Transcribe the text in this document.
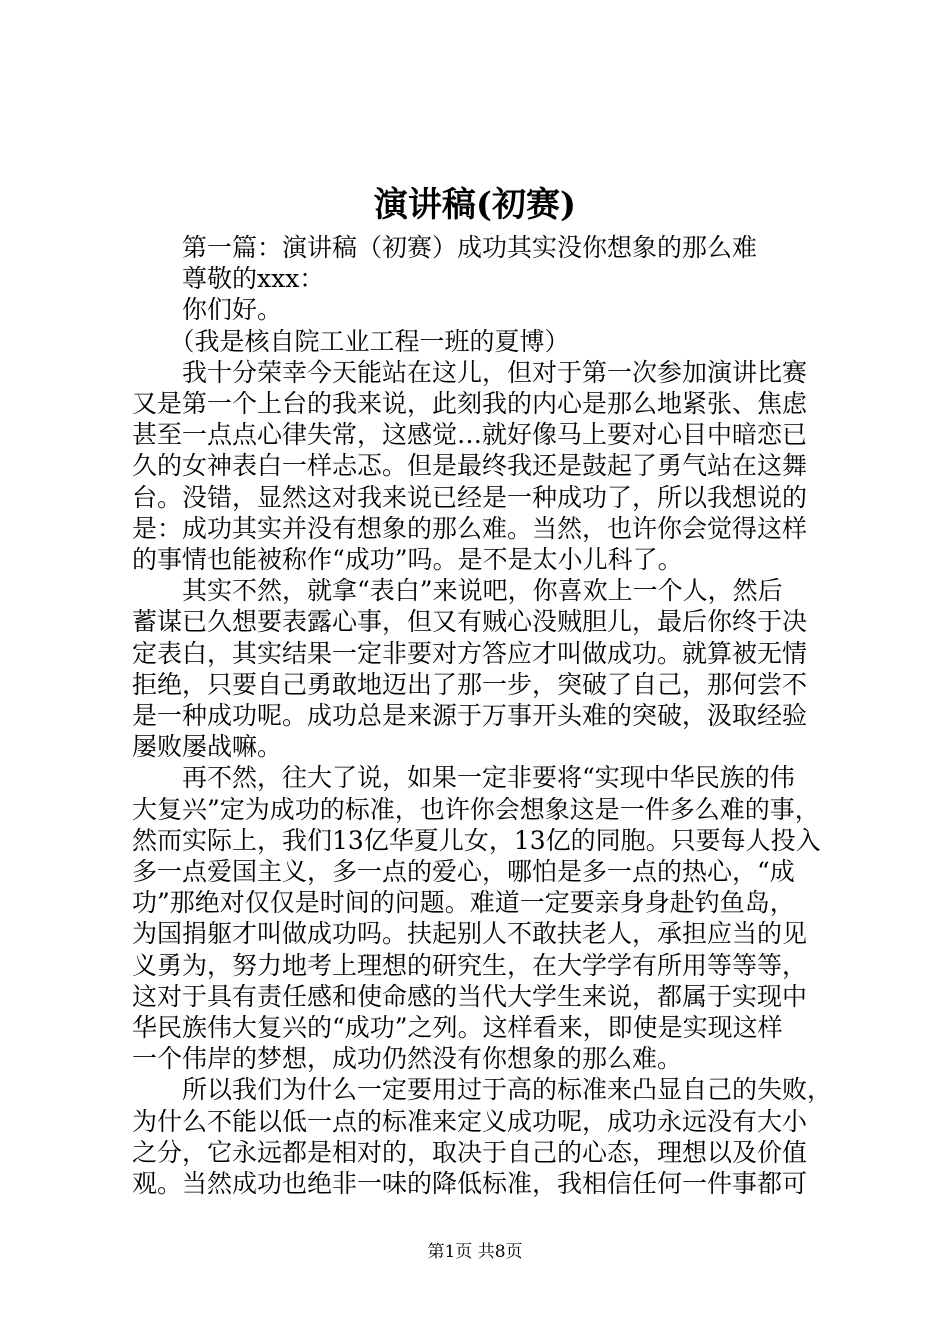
演讲稿(初赛)
　　第一篇：演讲稿（初赛）成功其实没你想象的那么难
　　尊敬的xxx：
　　你们好。
　　（我是核自院工业工程一班的夏博）
　　我十分荣幸今天能站在这儿，但对于第一次参加演讲比赛
又是第一个上台的我来说，此刻我的内心是那么地紧张、焦虑
甚至一点点心律失常，这感觉…就好像马上要对心目中暗恋已
久的女神表白一样忐忑。但是最终我还是鼓起了勇气站在这舞
台。没错，显然这对我来说已经是一种成功了，所以我想说的
是：成功其实并没有想象的那么难。当然，也许你会觉得这样
的事情也能被称作“成功”吗。是不是太小儿科了。
　　其实不然，就拿“表白”来说吧，你喜欢上一个人，然后
蓄谋已久想要表露心事，但又有贼心没贼胆儿，最后你终于决
定表白，其实结果一定非要对方答应才叫做成功。就算被无情
拒绝，只要自己勇敢地迈出了那一步，突破了自己，那何尝不
是一种成功呢。成功总是来源于万事开头难的突破，汲取经验
屡败屡战嘛。
　　再不然，往大了说，如果一定非要将“实现中华民族的伟
大复兴”定为成功的标准，也许你会想象这是一件多么难的事，
然而实际上，我们13亿华夏儿女，13亿的同胞。只要每人投入
多一点爱国主义，多一点的爱心，哪怕是多一点的热心，“成
功”那绝对仅仅是时间的问题。难道一定要亲身身赴钓鱼岛，
为国捐躯才叫做成功吗。扶起别人不敢扶老人，承担应当的见
义勇为，努力地考上理想的研究生，在大学学有所用等等等，
这对于具有责任感和使命感的当代大学生来说，都属于实现中
华民族伟大复兴的“成功”之列。这样看来，即使是实现这样
一个伟岸的梦想，成功仍然没有你想象的那么难。
　　所以我们为什么一定要用过于高的标准来凸显自己的失败，
为什么不能以低一点的标准来定义成功呢，成功永远没有大小
之分，它永远都是相对的，取决于自己的心态，理想以及价值
观。当然成功也绝非一味的降低标准，我相信任何一件事都可
第1页 共8页
